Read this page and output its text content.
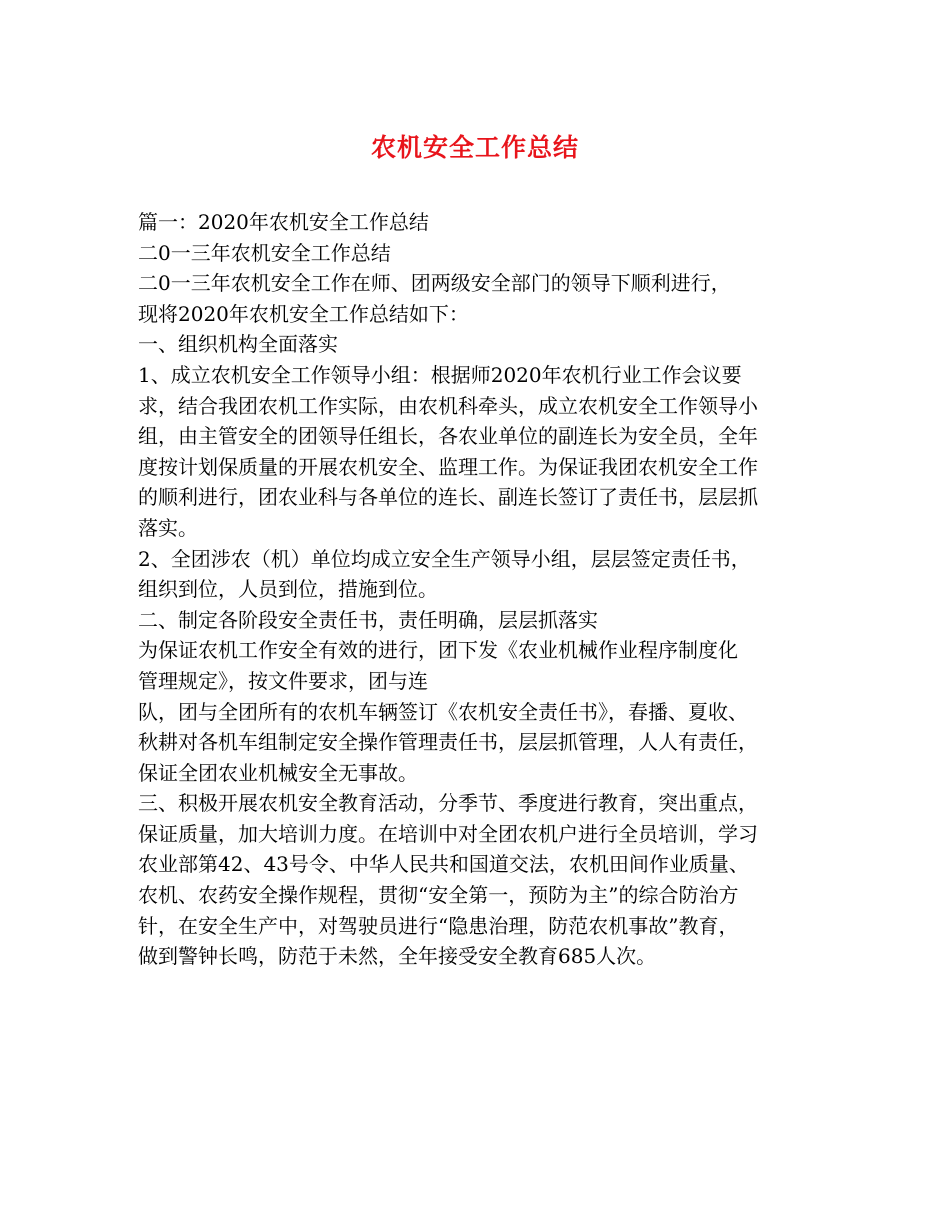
农机安全工作总结
篇一：2020年农机安全工作总结
二0一三年农机安全工作总结
二0一三年农机安全工作在师、团两级安全部门的领导下顺利进行，
现将2020年农机安全工作总结如下：
一、组织机构全面落实
1、成立农机安全工作领导小组：根据师2020年农机行业工作会议要
求，结合我团农机工作实际，由农机科牵头，成立农机安全工作领导小
组，由主管安全的团领导任组长，各农业单位的副连长为安全员，全年
度按计划保质量的开展农机安全、监理工作。为保证我团农机安全工作
的顺利进行，团农业科与各单位的连长、副连长签订了责任书，层层抓
落实。
2、全团涉农（机）单位均成立安全生产领导小组，层层签定责任书，
组织到位，人员到位，措施到位。
二、制定各阶段安全责任书，责任明确，层层抓落实
为保证农机工作安全有效的进行，团下发《农业机械作业程序制度化
管理规定》，按文件要求，团与连
队，团与全团所有的农机车辆签订《农机安全责任书》，春播、夏收、
秋耕对各机车组制定安全操作管理责任书，层层抓管理，人人有责任，
保证全团农业机械安全无事故。
三、积极开展农机安全教育活动，分季节、季度进行教育，突出重点，
保证质量，加大培训力度。在培训中对全团农机户进行全员培训，学习
农业部第42、43号令、中华人民共和国道交法，农机田间作业质量、
农机、农药安全操作规程，贯彻“安全第一，预防为主”的综合防治方
针，在安全生产中，对驾驶员进行“隐患治理，防范农机事故”教育，
做到警钟长鸣，防范于未然，全年接受安全教育685人次。
